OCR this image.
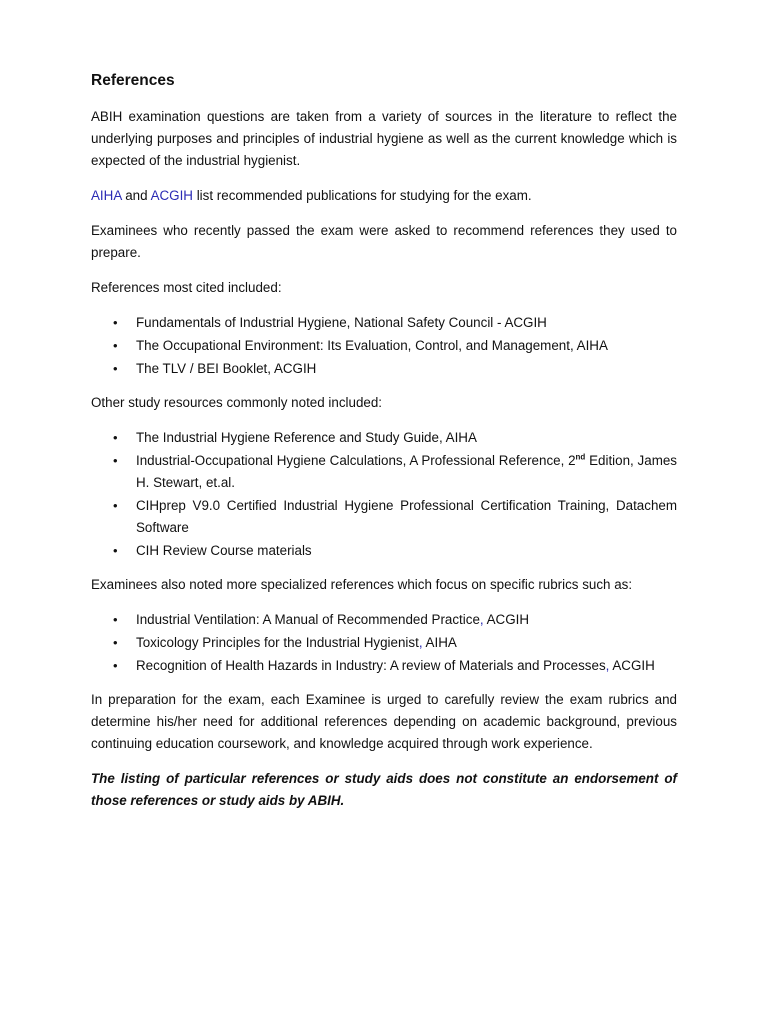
References

ABIH examination questions are taken from a variety of sources in the literature to reflect the underlying purposes and principles of industrial hygiene as well as the current knowledge which is expected of the industrial hygienist.

AIHA and ACGIH list recommended publications for studying for the exam.

Examinees who recently passed the exam were asked to recommend references they used to prepare.

References most cited included:

• Fundamentals of Industrial Hygiene, National Safety Council - ACGIH
• The Occupational Environment: Its Evaluation, Control, and Management, AIHA
• The TLV / BEI Booklet, ACGIH

Other study resources commonly noted included:

• The Industrial Hygiene Reference and Study Guide, AIHA
• Industrial-Occupational Hygiene Calculations, A Professional Reference, 2nd Edition, James H. Stewart, et.al.
• CIHprep V9.0 Certified Industrial Hygiene Professional Certification Training, Datachem Software
• CIH Review Course materials

Examinees also noted more specialized references which focus on specific rubrics such as:

• Industrial Ventilation: A Manual of Recommended Practice, ACGIH
• Toxicology Principles for the Industrial Hygienist, AIHA
• Recognition of Health Hazards in Industry: A review of Materials and Processes, ACGIH

In preparation for the exam, each Examinee is urged to carefully review the exam rubrics and determine his/her need for additional references depending on academic background, previous continuing education coursework, and knowledge acquired through work experience.

The listing of particular references or study aids does not constitute an endorsement of those references or study aids by ABIH.
